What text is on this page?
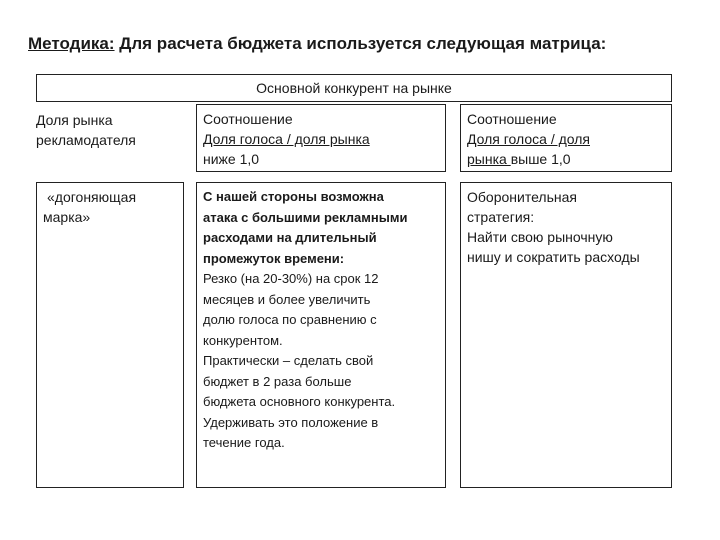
Методика: Для расчета бюджета используется следующая матрица:
Основной конкурент на рынке
Доля рынка
рекламодателя
Соотношение
Доля голоса / доля рынка
ниже 1,0
Соотношение
Доля голоса / доля
рынка выше 1,0
«догоняющая
марка»
С нашей стороны возможна
атака с большими рекламными
расходами на длительный
промежуток времени:
Резко (на 20-30%) на срок 12
месяцев и более увеличить
долю голоса по сравнению с
конкурентом.
Практически – сделать свой
бюджет в 2 раза больше
бюджета основного конкурента.
Удерживать это положение в
течение года.
Оборонительная
стратегия:
Найти свою рыночную
нишу и сократить расходы
